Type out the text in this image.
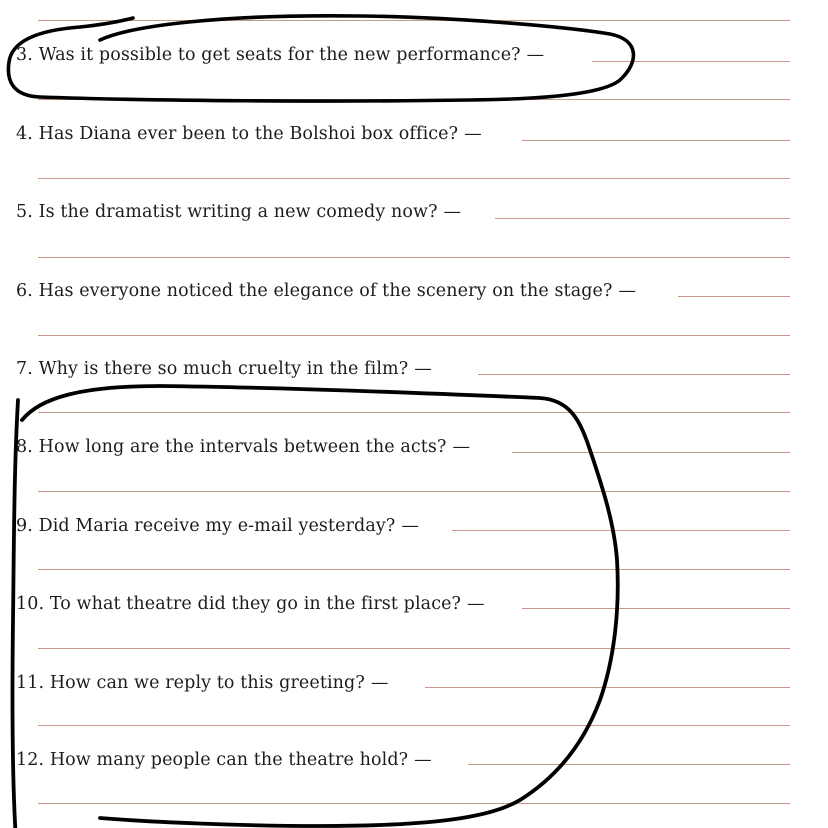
3. Was it possible to get seats for the new performance? —
4. Has Diana ever been to the Bolshoi box office? —
5. Is the dramatist writing a new comedy now? —
6. Has everyone noticed the elegance of the scenery on the stage? —
7. Why is there so much cruelty in the film? —
8. How long are the intervals between the acts? —
9. Did Maria receive my e-mail yesterday? —
10. To what theatre did they go in the first place? —
11. How can we reply to this greeting? —
12. How many people can the theatre hold? —
